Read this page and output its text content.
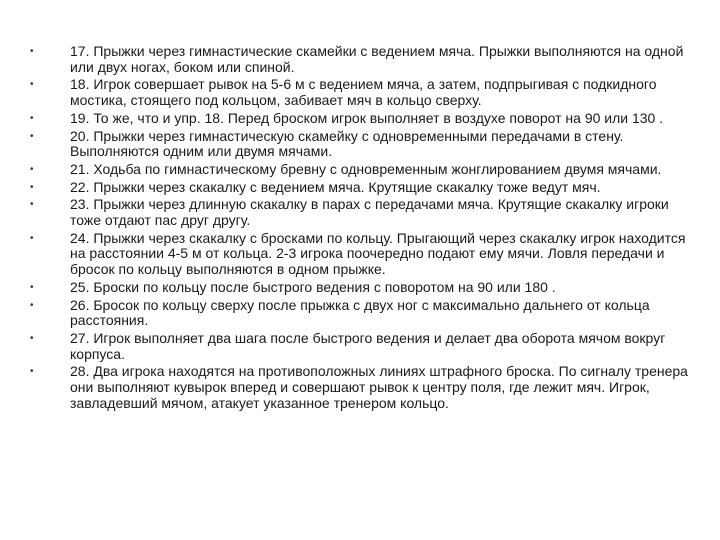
•	17. Прыжки через гимнастические скамейки с ведением мяча. Прыжки выполняются на одной или двух ногах, боком или спиной.
•	18. Игрок совершает рывок на 5-6 м с ведением мяча, а затем, подпрыгивая с подкидного мостика, стоящего под кольцом, забивает мяч в кольцо сверху.
•	19. То же, что и упр. 18. Перед броском игрок выполняет в воздухе поворот на 90 или 130 .
•	20. Прыжки через гимнастическую скамейку с одновременными передачами в стену. Выполняются одним или двумя мячами.
•	21. Ходьба по гимнастическому бревну с одновременным жонглированием двумя мячами.
•	22. Прыжки через скакалку с ведением мяча. Крутящие скакалку тоже ведут мяч.
•	23. Прыжки через длинную скакалку в парах с передачами мяча. Крутящие скакалку игроки тоже отдают пас друг другу.
•	24. Прыжки через скакалку с бросками по кольцу. Прыгающий через скакалку игрок находится на расстоянии 4-5 м от кольца. 2-3 игрока поочередно подают ему мячи. Ловля передачи и бросок по кольцу выполняются в одном прыжке.
•	25. Броски по кольцу после быстрого ведения с поворотом на 90 или 180 .
•	26. Бросок по кольцу сверху после прыжка с двух ног с максимально дальнего от кольца расстояния.
•	27. Игрок выполняет два шага после быстрого ведения и делает два оборота мячом вокруг корпуса.
•	28. Два игрока находятся на противоположных линиях штрафного броска. По сигналу тренера они выполняют кувырок вперед и совершают рывок к центру поля, где лежит мяч. Игрок, завладевший мячом, атакует указанное тренером кольцо.
